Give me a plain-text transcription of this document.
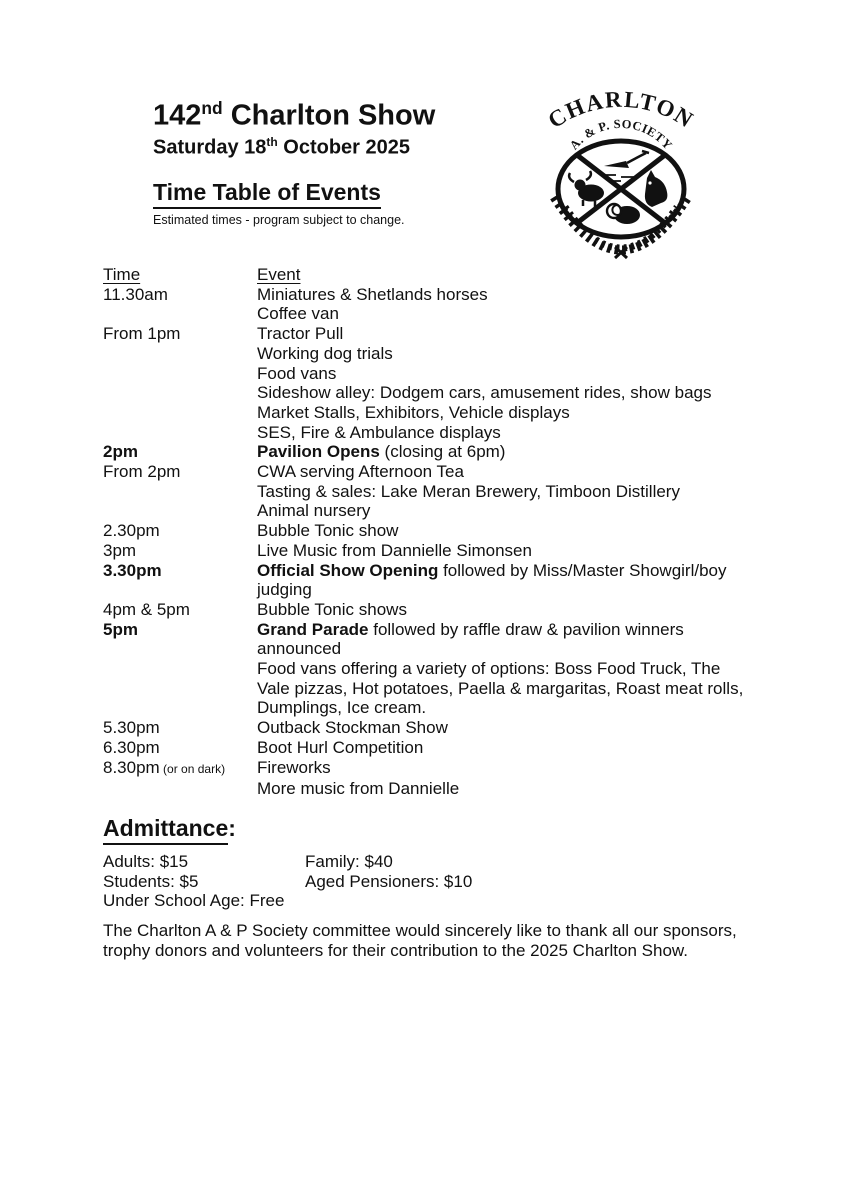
142nd Charlton Show
Saturday 18th October 2025
Time Table of Events
Estimated times - program subject to change.
CHARLTON
A. & P. SOCIETY
Time	Event
11.30am	Miniatures & Shetlands horses

Coffee van
From 1pm	Tractor Pull

Working dog trials

Food vans

Sideshow alley: Dodgem cars, amusement rides, show bags

Market Stalls, Exhibitors, Vehicle displays

SES, Fire & Ambulance displays
2pm	Pavilion Opens (closing at 6pm)
From 2pm	CWA serving Afternoon Tea

Tasting & sales: Lake Meran Brewery, Timboon Distillery

Animal nursery
2.30pm	Bubble Tonic show
3pm	Live Music from Dannielle Simonsen
3.30pm	Official Show Opening followed by Miss/Master Showgirl/boy judging
4pm & 5pm	Bubble Tonic shows
5pm	Grand Parade followed by raffle draw & pavilion winners announced

Food vans offering a variety of options: Boss Food Truck, The Vale pizzas, Hot potatoes, Paella & margaritas, Roast meat rolls, Dumplings, Ice cream.
5.30pm	Outback Stockman Show
6.30pm	Boot Hurl Competition
8.30pm (or on dark)	Fireworks

More music from Dannielle
Admittance:
Adults: $15	Family: $40
Students: $5	Aged Pensioners: $10
Under School Age: Free

The Charlton A & P Society committee would sincerely like to thank all our sponsors, trophy donors and volunteers for their contribution to the 2025 Charlton Show.
